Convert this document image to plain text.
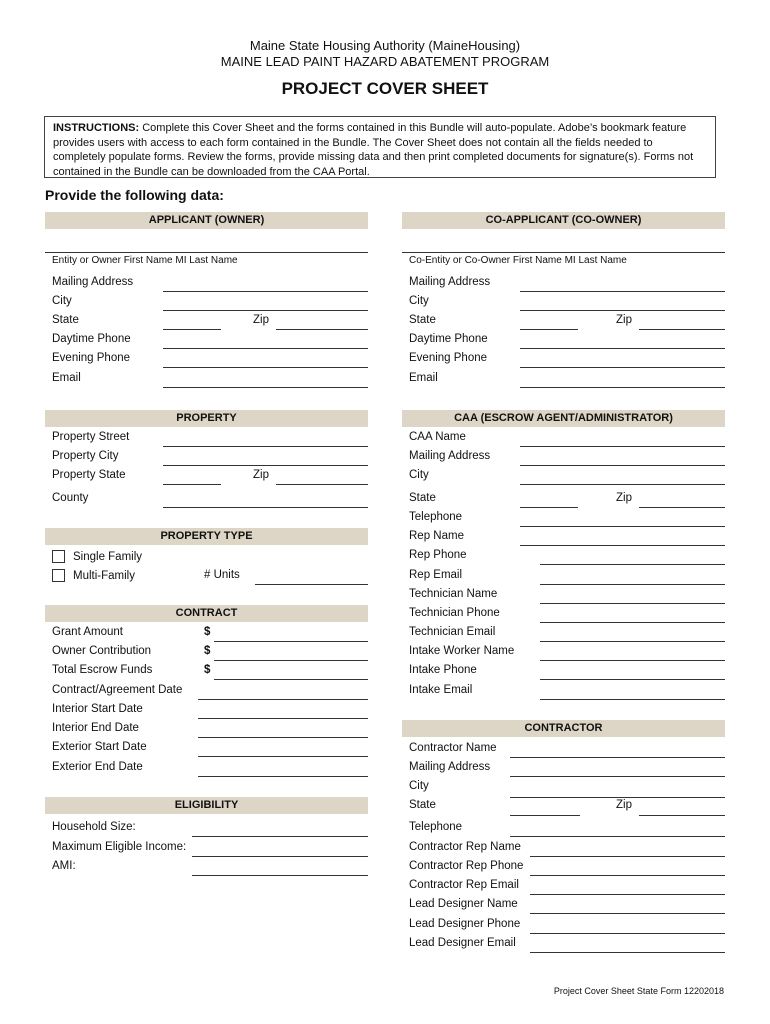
Maine State Housing Authority (MaineHousing)
MAINE LEAD PAINT HAZARD ABATEMENT PROGRAM
PROJECT COVER SHEET
INSTRUCTIONS: Complete this Cover Sheet and the forms contained in this Bundle will auto-populate. Adobe’s bookmark feature provides users with access to each form contained in the Bundle. The Cover Sheet does not contain all the fields needed to completely populate forms. Review the forms, provide missing data and then print completed documents for signature(s). Forms not contained in the Bundle can be downloaded from the CAA Portal.
Provide the following data:
APPLICANT (OWNER)
Entity or Owner First Name MI Last Name
Mailing Address
City
State	Zip
Daytime Phone
Evening Phone
Email
PROPERTY
Property Street
Property City
Property State	Zip
County
PROPERTY TYPE
Single Family
Multi-Family	# Units
CONTRACT
Grant Amount	$
Owner Contribution	$
Total Escrow Funds	$
Contract/Agreement Date
Interior Start Date
Interior End Date
Exterior Start Date
Exterior End Date
ELIGIBILITY
Household Size:
Maximum Eligible Income:
AMI:
CO-APPLICANT (CO-OWNER)
Co-Entity or Co-Owner First Name MI Last Name
Mailing Address
City
State	Zip
Daytime Phone
Evening Phone
Email
CAA (ESCROW AGENT/ADMINISTRATOR)
CAA Name
Mailing Address
City
State	Zip
Telephone
Rep Name
Rep Phone
Rep Email
Technician Name
Technician Phone
Technician Email
Intake Worker Name
Intake Phone
Intake Email
CONTRACTOR
Contractor Name
Mailing Address
City
State	Zip
Telephone
Contractor Rep Name
Contractor Rep Phone
Contractor Rep Email
Lead Designer Name
Lead Designer Phone
Lead Designer Email
Project Cover Sheet State Form 12202018
